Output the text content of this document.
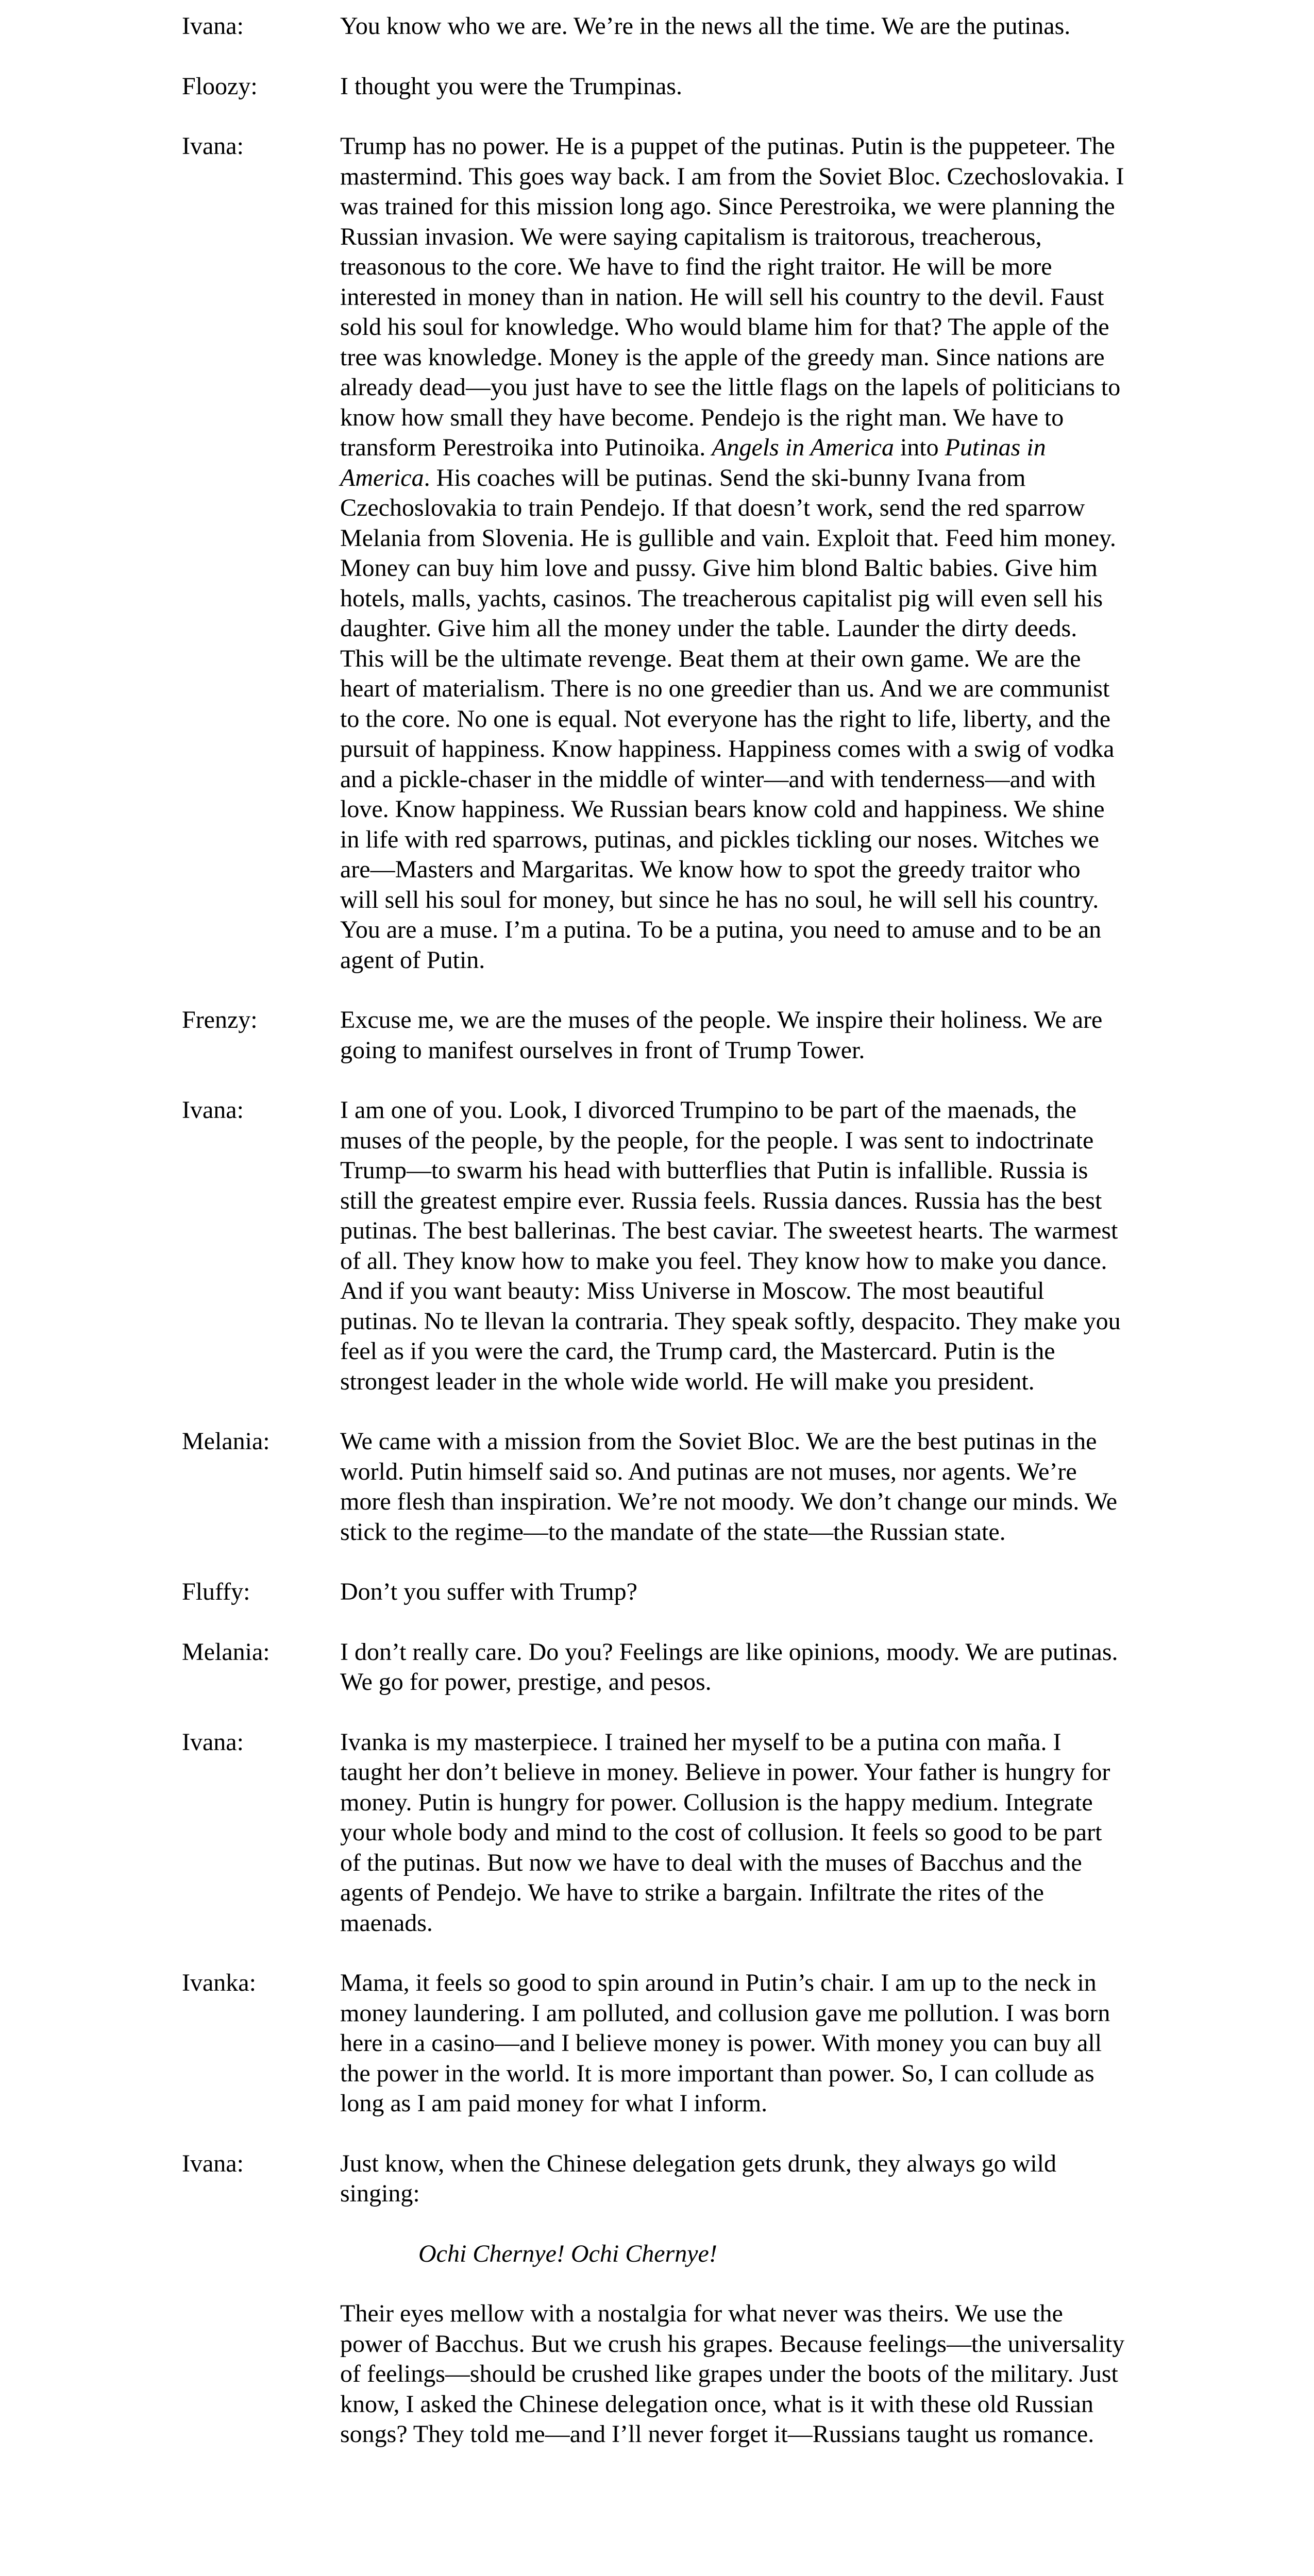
Ivana:	You know who we are. We’re in the news all the time. We are the putinas.

Floozy:	I thought you were the Trumpinas.

Ivana:	Trump has no power. He is a puppet of the putinas. Putin is the puppeteer. The mastermind. This goes way back. I am from the Soviet Bloc. Czechoslovakia. I was trained for this mission long ago. Since Perestroika, we were planning the Russian invasion. We were saying capitalism is traitorous, treacherous, treasonous to the core. We have to find the right traitor. He will be more interested in money than in nation. He will sell his country to the devil. Faust sold his soul for knowledge. Who would blame him for that? The apple of the tree was knowledge. Money is the apple of the greedy man. Since nations are already dead—you just have to see the little flags on the lapels of politicians to know how small they have become. Pendejo is the right man. We have to transform Perestroika into Putinoika. Angels in America into Putinas in America. His coaches will be putinas. Send the ski-bunny Ivana from Czechoslovakia to train Pendejo. If that doesn’t work, send the red sparrow Melania from Slovenia. He is gullible and vain. Exploit that. Feed him money. Money can buy him love and pussy. Give him blond Baltic babies. Give him hotels, malls, yachts, casinos. The treacherous capitalist pig will even sell his daughter. Give him all the money under the table. Launder the dirty deeds. This will be the ultimate revenge. Beat them at their own game. We are the heart of materialism. There is no one greedier than us. And we are communist to the core. No one is equal. Not everyone has the right to life, liberty, and the pursuit of happiness. Know happiness. Happiness comes with a swig of vodka and a pickle-chaser in the middle of winter—and with tenderness—and with love. Know happiness. We Russian bears know cold and happiness. We shine in life with red sparrows, putinas, and pickles tickling our noses. Witches we are—Masters and Margaritas. We know how to spot the greedy traitor who will sell his soul for money, but since he has no soul, he will sell his country. You are a muse. I’m a putina. To be a putina, you need to amuse and to be an agent of Putin.

Frenzy:	Excuse me, we are the muses of the people. We inspire their holiness. We are going to manifest ourselves in front of Trump Tower.

Ivana:	I am one of you. Look, I divorced Trumpino to be part of the maenads, the muses of the people, by the people, for the people. I was sent to indoctrinate Trump—to swarm his head with butterflies that Putin is infallible. Russia is still the greatest empire ever. Russia feels. Russia dances. Russia has the best putinas. The best ballerinas. The best caviar. The sweetest hearts. The warmest of all. They know how to make you feel. They know how to make you dance. And if you want beauty: Miss Universe in Moscow. The most beautiful putinas. No te llevan la contraria. They speak softly, despacito. They make you feel as if you were the card, the Trump card, the Mastercard. Putin is the strongest leader in the whole wide world. He will make you president.

Melania:	We came with a mission from the Soviet Bloc. We are the best putinas in the world. Putin himself said so. And putinas are not muses, nor agents. We’re more flesh than inspiration. We’re not moody. We don’t change our minds. We stick to the regime—to the mandate of the state—the Russian state.

Fluffy:	Don’t you suffer with Trump?

Melania:	I don’t really care. Do you? Feelings are like opinions, moody. We are putinas. We go for power, prestige, and pesos.

Ivana:	Ivanka is my masterpiece. I trained her myself to be a putina con maña. I taught her don’t believe in money. Believe in power. Your father is hungry for money. Putin is hungry for power. Collusion is the happy medium. Integrate your whole body and mind to the cost of collusion. It feels so good to be part of the putinas. But now we have to deal with the muses of Bacchus and the agents of Pendejo. We have to strike a bargain. Infiltrate the rites of the maenads.

Ivanka:	Mama, it feels so good to spin around in Putin’s chair. I am up to the neck in money laundering. I am polluted, and collusion gave me pollution. I was born here in a casino—and I believe money is power. With money you can buy all the power in the world. It is more important than power. So, I can collude as long as I am paid money for what I inform.

Ivana:	Just know, when the Chinese delegation gets drunk, they always go wild singing:

Ochi Chernye! Ochi Chernye!

Their eyes mellow with a nostalgia for what never was theirs. We use the power of Bacchus. But we crush his grapes. Because feelings—the universality of feelings—should be crushed like grapes under the boots of the military. Just know, I asked the Chinese delegation once, what is it with these old Russian songs? They told me—and I’ll never forget it—Russians taught us romance.
